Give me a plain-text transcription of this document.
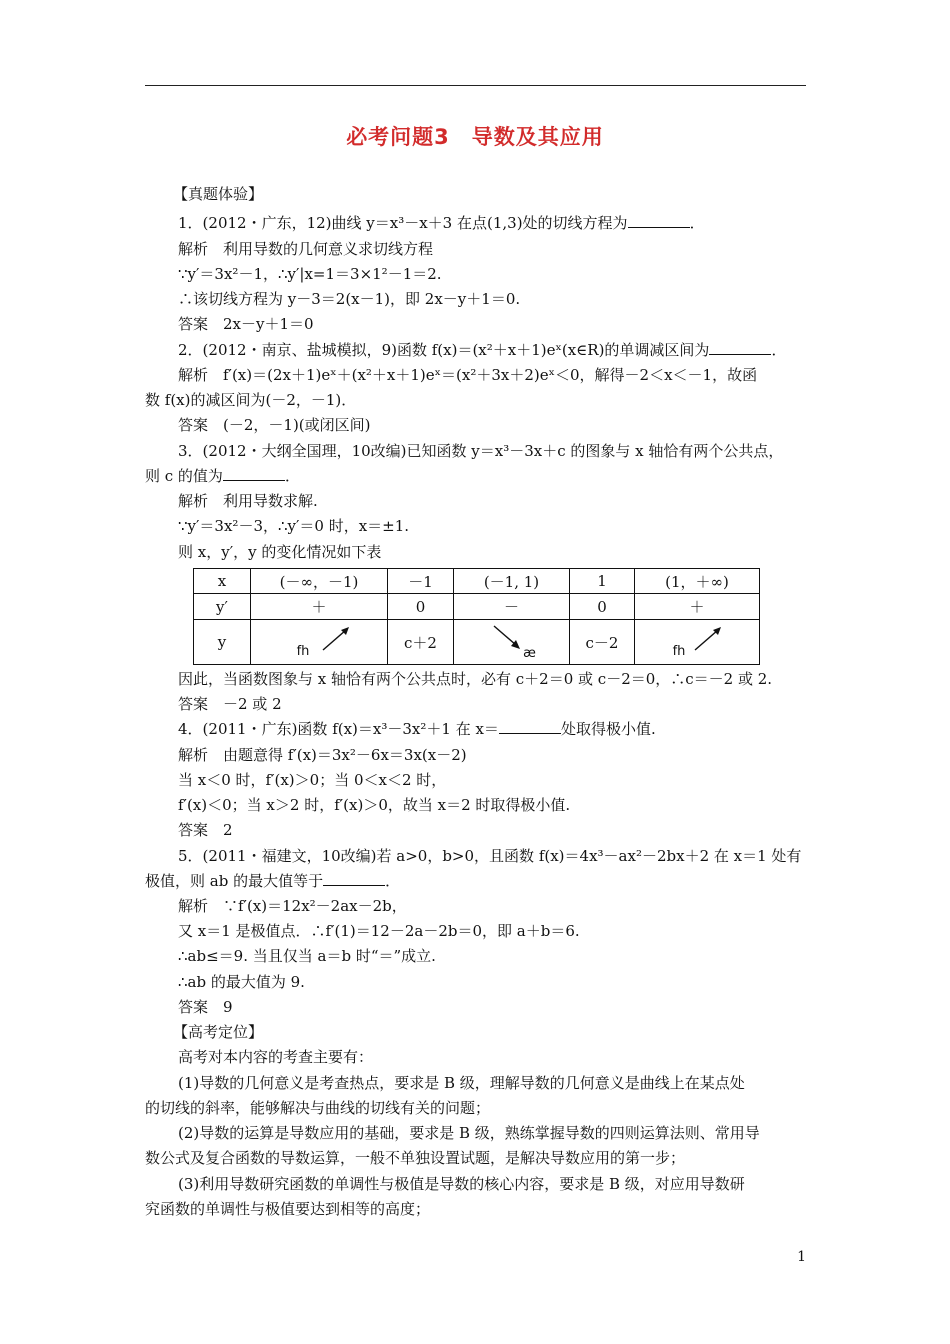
必考问题3　导数及其应用
【真题体验】
1．(2012・广东，12)曲线 y＝x³－x＋3 在点(1,3)处的切线方程为	．
解析　利用导数的几何意义求切线方程
∵y′＝3x²－1，∴y′|x=1＝3×1²－1＝2.
∴该切线方程为 y－3＝2(x－1)，即 2x－y＋1＝0.
答案　2x－y＋1＝0
2．(2012・南京、盐城模拟，9)函数 f(x)＝(x²＋x＋1)eˣ(x∈R)的单调减区间为	．
解析　f′(x)＝(2x＋1)eˣ＋(x²＋x＋1)eˣ＝(x²＋3x＋2)eˣ＜0，解得－2＜x＜－1，故函
数 f(x)的减区间为(－2，－1)．
答案　(－2，－1)(或闭区间)
3．(2012・大纲全国理，10改编)已知函数 y＝x³－3x＋c 的图象与 x 轴恰有两个公共点，
则 c 的值为	．
解析　利用导数求解.
∵y′＝3x²－3，∴y′＝0 时，x＝±1.
则 x，y′，y 的变化情况如下表
x	(－∞，－1)	－1	(－1, 1)	1	(1，＋∞)
y′	＋	0	－	0	＋
y	fh	c＋2	æ	c－2	fh
因此，当函数图象与 x 轴恰有两个公共点时，必有 c＋2＝0 或 c－2＝0，∴c＝－2 或 2.
答案　－2 或 2
4．(2011・广东)函数 f(x)＝x³－3x²＋1 在 x＝	处取得极小值.
解析　由题意得 f′(x)＝3x²－6x＝3x(x－2)
当 x＜0 时，f′(x)＞0；当 0＜x＜2 时，
f′(x)＜0；当 x＞2 时，f′(x)＞0，故当 x＝2 时取得极小值.
答案　2
5．(2011・福建文，10改编)若 a>0，b>0，且函数 f(x)＝4x³－ax²－2bx＋2 在 x＝1 处有
极值，则 ab 的最大值等于	．
解析　∵f′(x)＝12x²－2ax－2b，
又 x＝1 是极值点．∴f′(1)＝12－2a－2b＝0，即 a＋b＝6.
∴ab≤＝9. 当且仅当 a＝b 时“＝”成立.
∴ab 的最大值为 9.
答案　9
【高考定位】
高考对本内容的考查主要有：
(1)导数的几何意义是考查热点，要求是 B 级，理解导数的几何意义是曲线上在某点处
的切线的斜率，能够解决与曲线的切线有关的问题；
(2)导数的运算是导数应用的基础，要求是 B 级，熟练掌握导数的四则运算法则、常用导
数公式及复合函数的导数运算，一般不单独设置试题，是解决导数应用的第一步；
(3)利用导数研究函数的单调性与极值是导数的核心内容，要求是 B 级，对应用导数研
究函数的单调性与极值要达到相等的高度；
1
